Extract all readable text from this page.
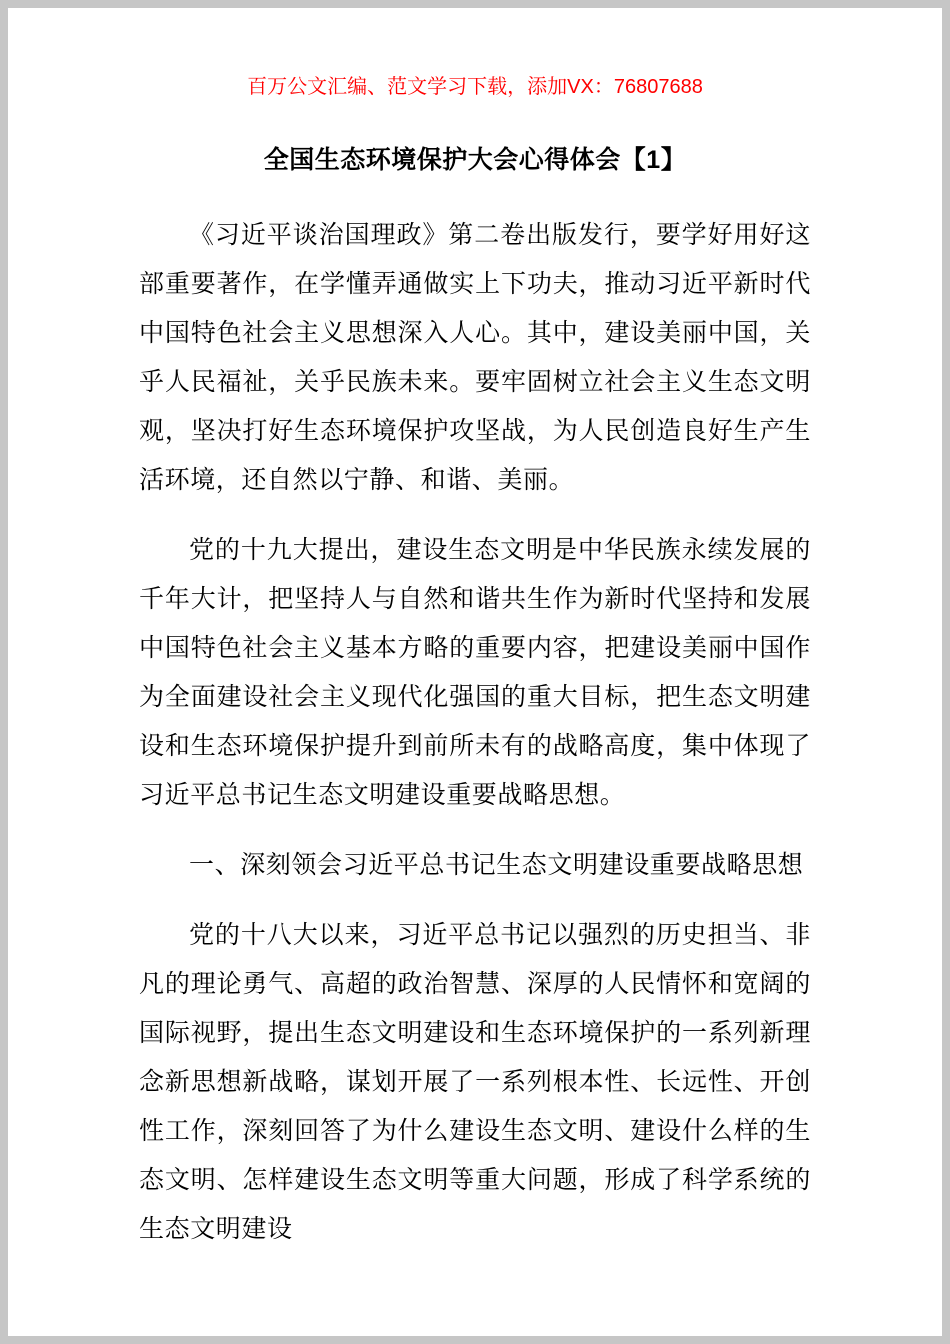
百万公文汇编、范文学习下载，添加VX：76807688
全国生态环境保护大会心得体会【1】

《习近平谈治国理政》第二卷出版发行，要学好用好这部重要著作，在学懂弄通做实上下功夫，推动习近平新时代中国特色社会主义思想深入人心。其中，建设美丽中国，关乎人民福祉，关乎民族未来。要牢固树立社会主义生态文明观，坚决打好生态环境保护攻坚战，为人民创造良好生产生活环境，还自然以宁静、和谐、美丽。

党的十九大提出，建设生态文明是中华民族永续发展的千年大计，把坚持人与自然和谐共生作为新时代坚持和发展中国特色社会主义基本方略的重要内容，把建设美丽中国作为全面建设社会主义现代化强国的重大目标，把生态文明建设和生态环境保护提升到前所未有的战略高度，集中体现了习近平总书记生态文明建设重要战略思想。

一、深刻领会习近平总书记生态文明建设重要战略思想

党的十八大以来，习近平总书记以强烈的历史担当、非凡的理论勇气、高超的政治智慧、深厚的人民情怀和宽阔的国际视野，提出生态文明建设和生态环境保护的一系列新理念新思想新战略，谋划开展了一系列根本性、长远性、开创性工作，深刻回答了为什么建设生态文明、建设什么样的生态文明、怎样建设生态文明等重大问题，形成了科学系统的生态文明建设
